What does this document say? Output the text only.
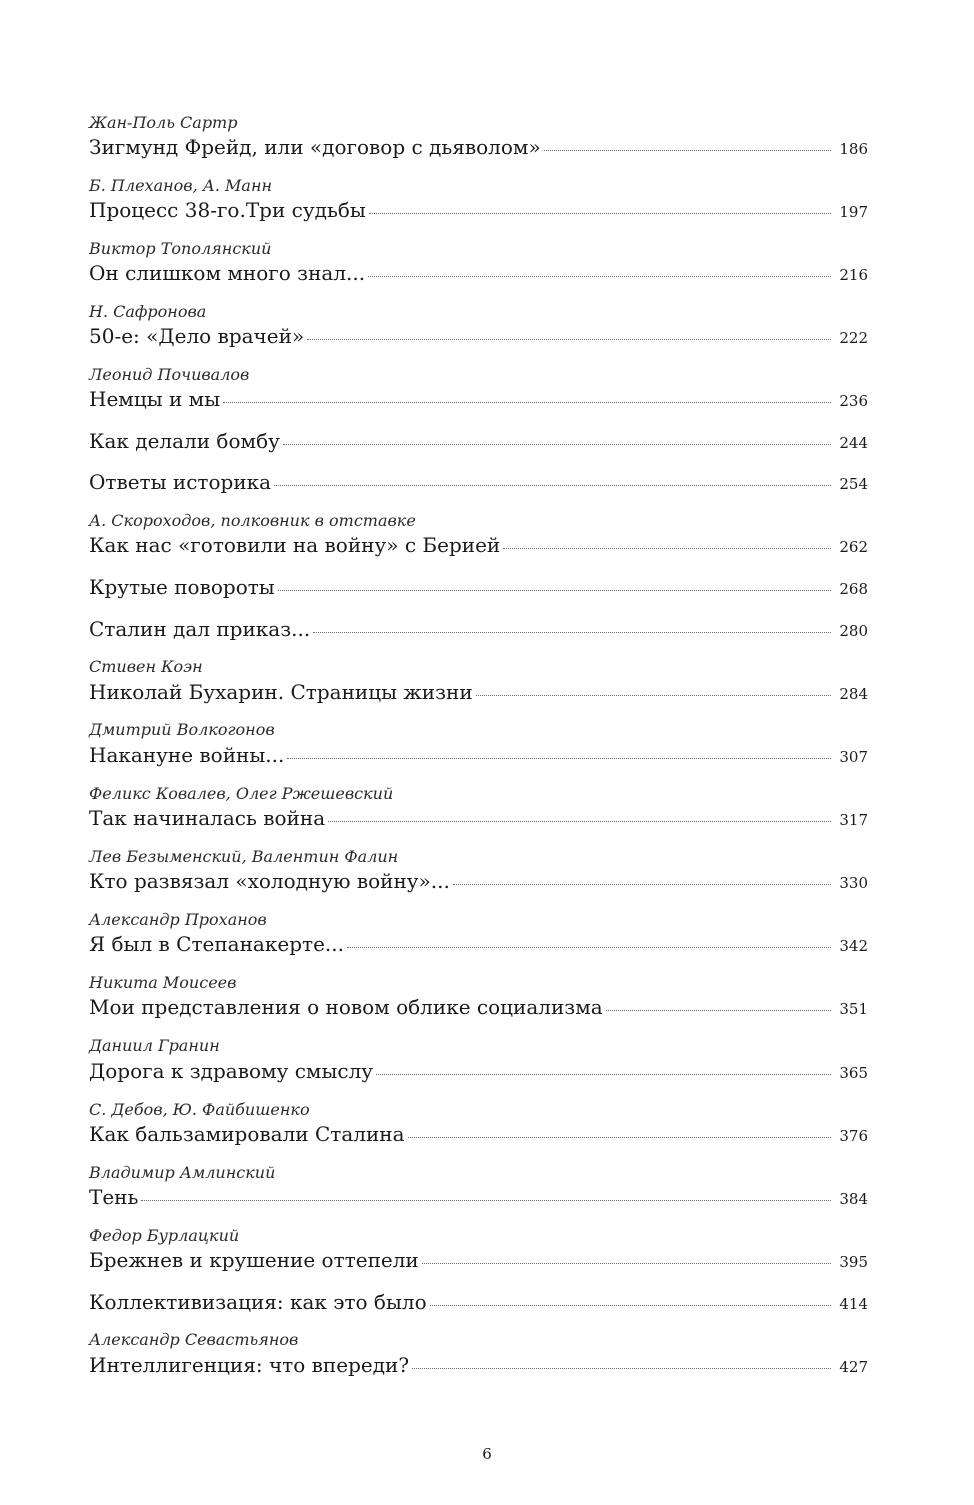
Жан-Поль Сартр
Зигмунд Фрейд, или «договор с дьяволом»	186
Б. Плеханов, А. Манн
Процесс 38-го.Три судьбы	197
Виктор Тополянский
Он слишком много знал...	216
Н. Сафронова
50-е: «Дело врачей»	222
Леонид Почивалов
Немцы и мы	236
Как делали бомбу	244
Ответы историка	254
А. Скороходов, полковник в отставке
Как нас «готовили на войну» с Берией	262
Крутые повороты	268
Сталин дал приказ...	280
Стивен Коэн
Николай Бухарин. Страницы жизни	284
Дмитрий Волкогонов
Накануне войны...	307
Феликс Ковалев, Олег Ржешевский
Так начиналась война	317
Лев Безыменский, Валентин Фалин
Кто развязал «холодную войну»...	330
Александр Проханов
Я был в Степанакерте...	342
Никита Моисеев
Мои представления о новом облике социализма	351
Даниил Гранин
Дорога к здравому смыслу	365
С. Дебов, Ю. Файбишенко
Как бальзамировали Сталина	376
Владимир Амлинский
Тень	384
Федор Бурлацкий
Брежнев и крушение оттепели	395
Коллективизация: как это было	414
Александр Севастьянов
Интеллигенция: что впереди?	427
6
